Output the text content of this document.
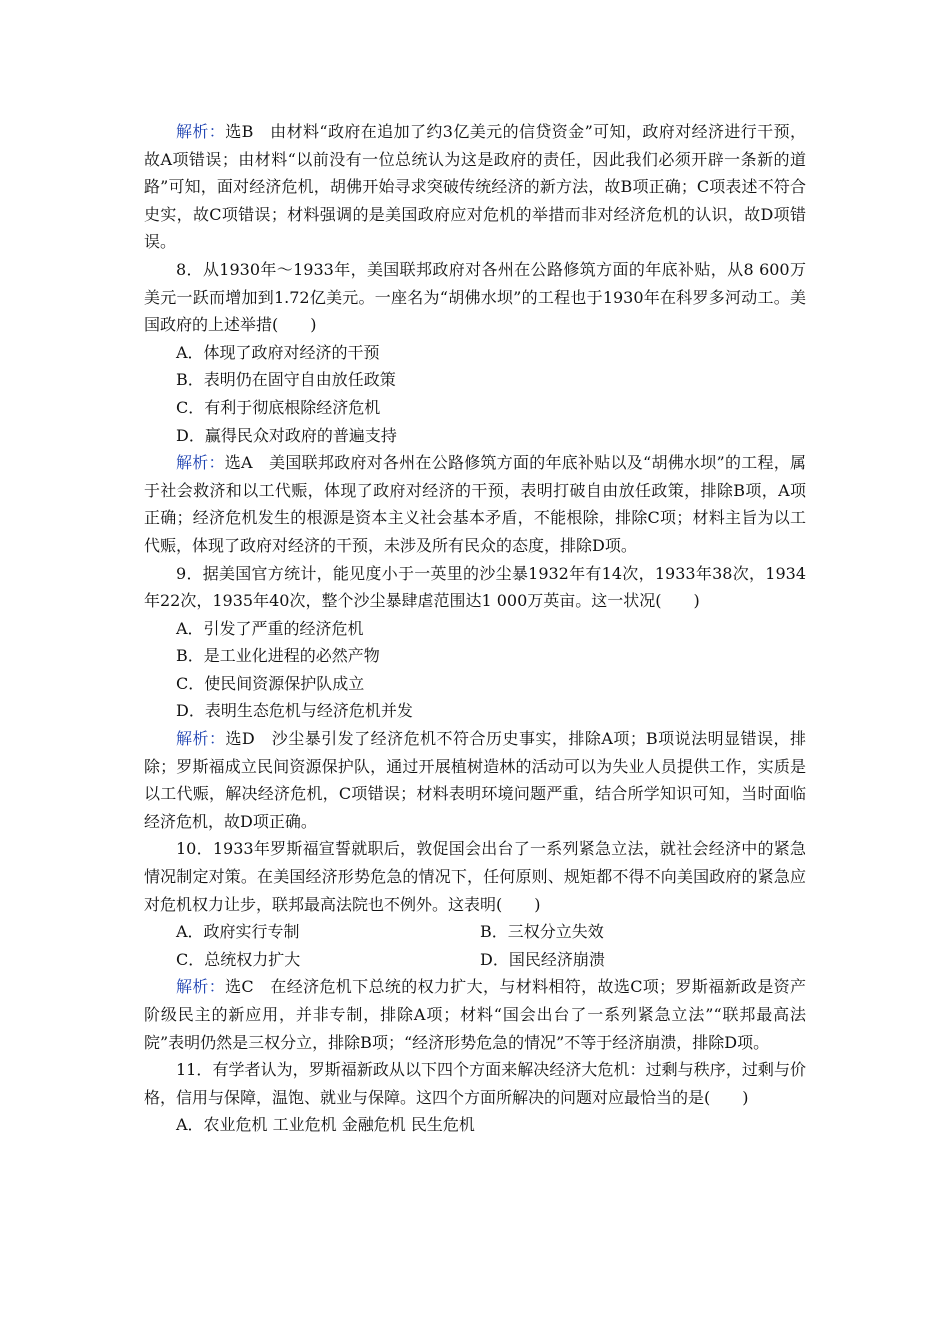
解析：选B　由材料“政府在追加了约3亿美元的信贷资金”可知，政府对经济进行干预，故A项错误；由材料“以前没有一位总统认为这是政府的责任，因此我们必须开辟一条新的道路”可知，面对经济危机，胡佛开始寻求突破传统经济的新方法，故B项正确；C项表述不符合史实，故C项错误；材料强调的是美国政府应对危机的举措而非对经济危机的认识，故D项错误。

8．从1930年～1933年，美国联邦政府对各州在公路修筑方面的年底补贴，从8 600万美元一跃而增加到1.72亿美元。一座名为“胡佛水坝”的工程也于1930年在科罗多河动工。美国政府的上述举措(　　)

A．体现了政府对经济的干预

B．表明仍在固守自由放任政策

C．有利于彻底根除经济危机

D．赢得民众对政府的普遍支持

解析：选A　美国联邦政府对各州在公路修筑方面的年底补贴以及“胡佛水坝”的工程，属于社会救济和以工代赈，体现了政府对经济的干预，表明打破自由放任政策，排除B项，A项正确；经济危机发生的根源是资本主义社会基本矛盾，不能根除，排除C项；材料主旨为以工代赈，体现了政府对经济的干预，未涉及所有民众的态度，排除D项。

9．据美国官方统计，能见度小于一英里的沙尘暴1932年有14次，1933年38次，1934年22次，1935年40次，整个沙尘暴肆虐范围达1 000万英亩。这一状况(　　)

A．引发了严重的经济危机

B．是工业化进程的必然产物

C．使民间资源保护队成立

D．表明生态危机与经济危机并发

解析：选D　沙尘暴引发了经济危机不符合历史事实，排除A项；B项说法明显错误，排除；罗斯福成立民间资源保护队，通过开展植树造林的活动可以为失业人员提供工作，实质是以工代赈，解决经济危机，C项错误；材料表明环境问题严重，结合所学知识可知，当时面临经济危机，故D项正确。

10．1933年罗斯福宣誓就职后，敦促国会出台了一系列紧急立法，就社会经济中的紧急情况制定对策。在美国经济形势危急的情况下，任何原则、规矩都不得不向美国政府的紧急应对危机权力让步，联邦最高法院也不例外。这表明(　　)

A．政府实行专制	B．三权分立失效
C．总统权力扩大	D．国民经济崩溃

解析：选C　在经济危机下总统的权力扩大，与材料相符，故选C项；罗斯福新政是资产阶级民主的新应用，并非专制，排除A项；材料“国会出台了一系列紧急立法”“联邦最高法院”表明仍然是三权分立，排除B项；“经济形势危急的情况”不等于经济崩溃，排除D项。

11．有学者认为，罗斯福新政从以下四个方面来解决经济大危机：过剩与秩序，过剩与价格，信用与保障，温饱、就业与保障。这四个方面所解决的问题对应最恰当的是(　　)

A．农业危机 工业危机 金融危机 民生危机
